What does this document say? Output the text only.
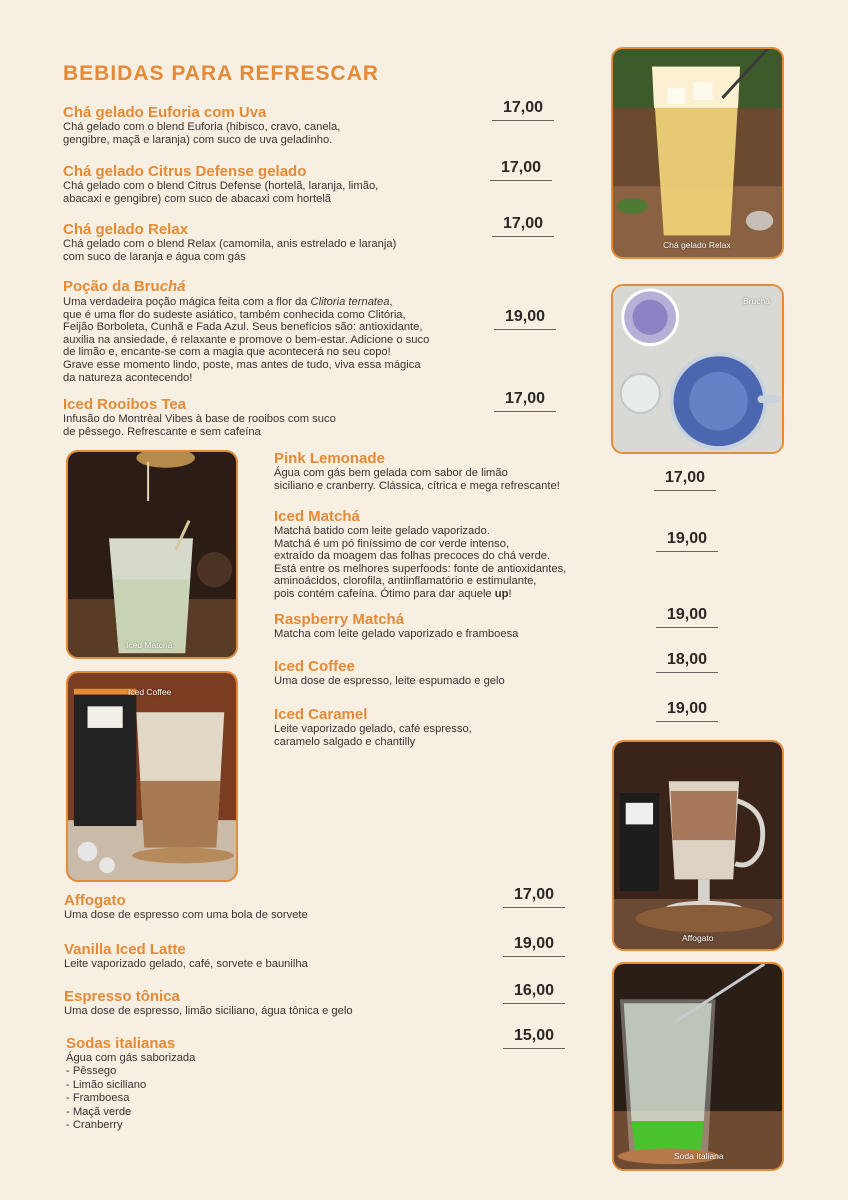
BEBIDAS PARA REFRESCAR
Chá gelado Euforia com Uva
Chá gelado com o blend Euforia (hibisco, cravo, canela,
gengibre, maçã e laranja) com suco de uva geladinho.
17,00
Chá gelado Citrus Defense gelado
Chá gelado com o blend Citrus Defense (hortelã, laranja, limão,
abacaxi e gengibre) com suco de abacaxi com hortelã
17,00
Chá gelado Relax
Chá gelado com o blend Relax (camomila, anis estrelado e laranja)
com suco de laranja e água com gás
17,00
Poção da Bruchá
Uma verdadeira poção mágica feita com a flor da Clitoria ternatea,
que é uma flor do sudeste asiático, também conhecida como Clitória,
Feijão Borboleta, Cunhã e Fada Azul. Seus benefícios são: antioxidante,
auxilia na ansiedade, é relaxante e promove o bem-estar. Adicione o suco
de limão e, encante-se com a magia que acontecerá no seu copo!
Grave esse momento lindo, poste, mas antes de tudo, viva essa mágica
da natureza acontecendo!
19,00
Iced Rooibos Tea
Infusão do Montrèal Vibes à base de rooibos com suco
de pêssego. Refrescante e sem cafeína
17,00
Pink Lemonade
Água com gás bem gelada com sabor de limão
siciliano e cranberry. Clássica, cítrica e mega refrescante!	17,00
Iced Matchá
Matchá batido com leite gelado vaporizado.
Matchá é um pó finíssimo de cor verde intenso,
extraído da moagem das folhas precoces do chá verde.
Está entre os melhores superfoods: fonte de antioxidantes,
aminoácidos, clorofila, antiinflamatório e estimulante,
pois contém cafeína. Ótimo para dar aquele up!
19,00
Raspberry Matchá
Matcha com leite gelado vaporizado e framboesa
19,00
Iced Coffee
Uma dose de espresso, leite espumado e gelo
18,00
Iced Caramel
Leite vaporizado gelado, café espresso,
caramelo salgado e chantilly
19,00
Affogato
Uma dose de espresso com uma bola de sorvete
17,00
Vanilla Iced Latte
Leite vaporizado gelado, café, sorvete e baunilha
19,00
Espresso tônica
Uma dose de espresso, limão siciliano, água tônica e gelo
16,00
Sodas italianas
Água com gás saborizada
- Pêssego
- Limão siciliano
- Framboesa
- Maçã verde
- Cranberry
15,00
Chá gelado Relax
Bruchá
Iced Matchá
Iced Coffee
Affogato
Soda Italiana
